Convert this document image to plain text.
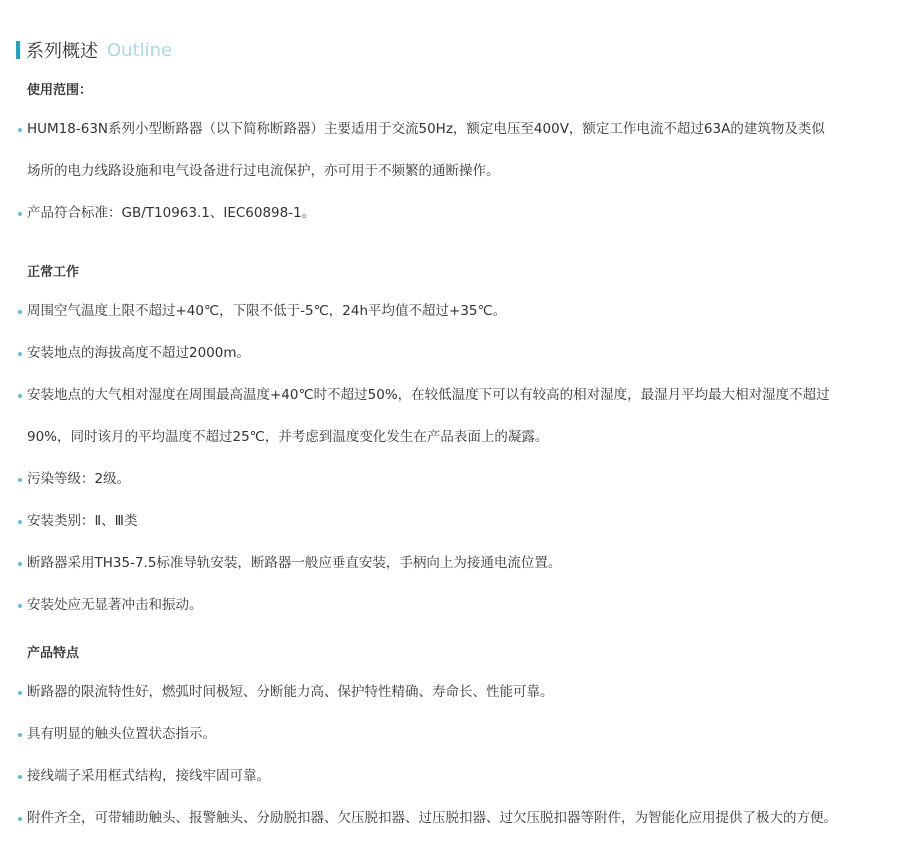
系列概述 Outline
使用范围：
HUM18-63N系列小型断路器（以下简称断路器）主要适用于交流50Hz，额定电压至400V，额定工作电流不超过63A的建筑物及类似
场所的电力线路设施和电气设备进行过电流保护，亦可用于不频繁的通断操作。
产品符合标准：GB/T10963.1、IEC60898-1。
正常工作
周围空气温度上限不超过+40℃，下限不低于-5℃，24h平均值不超过+35℃。
安装地点的海拔高度不超过2000m。
安装地点的大气相对湿度在周围最高温度+40℃时不超过50%，在较低温度下可以有较高的相对湿度，最湿月平均最大相对湿度不超过
90%，同时该月的平均温度不超过25℃，并考虑到温度变化发生在产品表面上的凝露。
污染等级：2级。
安装类别：Ⅱ、Ⅲ类
断路器采用TH35-7.5标准导轨安装，断路器一般应垂直安装，手柄向上为接通电流位置。
安装处应无显著冲击和振动。
产品特点
断路器的限流特性好，燃弧时间极短、分断能力高、保护特性精确、寿命长、性能可靠。
具有明显的触头位置状态指示。
接线端子采用框式结构，接线牢固可靠。
附件齐全，可带辅助触头、报警触头、分励脱扣器、欠压脱扣器、过压脱扣器、过欠压脱扣器等附件，为智能化应用提供了极大的方便。
